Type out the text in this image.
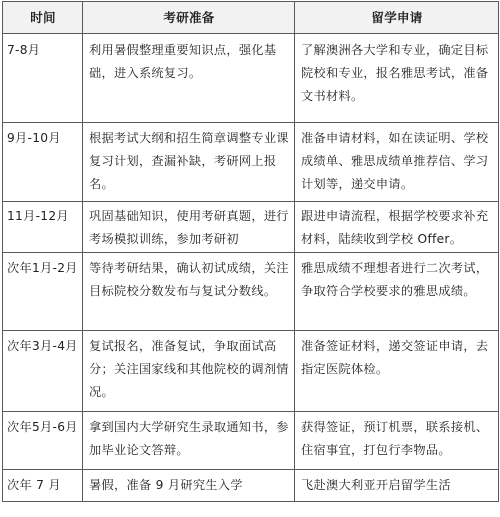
时间	考研准备	留学申请
7-8月	利用暑假整理重要知识点，强化基础，进入系统复习。	了解澳洲各大学和专业，确定目标院校和专业，报名雅思考试，准备文书材料。
9月-10月	根据考试大纲和招生简章调整专业课复习计划，查漏补缺，考研网上报名。	准备申请材料，如在读证明、学校成绩单、雅思成绩单推荐信、学习计划等，递交申请。
11月-12月	巩固基础知识，使用考研真题，进行考场模拟训练，参加考研初	跟进申请流程，根据学校要求补充材料，陆续收到学校 Offer。
次年1月-2月	等待考研结果，确认初试成绩，关注目标院校分数发布与复试分数线。	雅思成绩不理想者进行二次考试，争取符合学校要求的雅思成绩。
次年3月-4月	复试报名，准备复试，争取面试高分；关注国家线和其他院校的调剂情况。	准备签证材料，递交签证申请，去指定医院体检。
次年5月-6月	拿到国内大学研究生录取通知书，参加毕业论文答辩。	获得签证，预订机票，联系接机、住宿事宜，打包行李物品。
次年 7 月	暑假，准备 9 月研究生入学	飞赴澳大利亚开启留学生活
